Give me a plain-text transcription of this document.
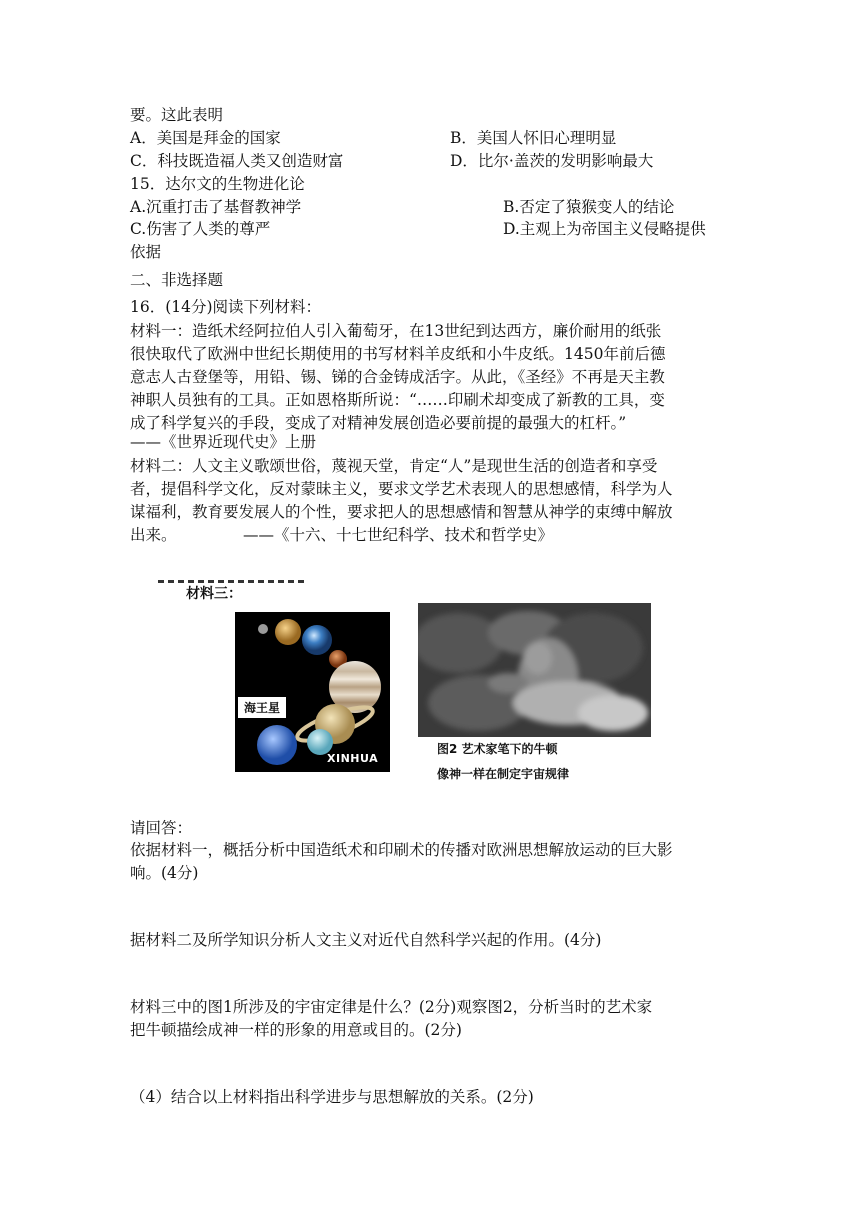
要。这此表明
A．美国是拜金的国家	B．美国人怀旧心理明显
C．科技既造福人类又创造财富	D．比尔·盖茨的发明影响最大
15．达尔文的生物进化论
A.沉重打击了基督教神学	B.否定了猿猴变人的结论
C.伤害了人类的尊严	D.主观上为帝国主义侵略提供
依据
二、非选择题
16．(14分)阅读下列材料：
材料一：造纸术经阿拉伯人引入葡萄牙，在13世纪到达西方，廉价耐用的纸张
很快取代了欧洲中世纪长期使用的书写材料羊皮纸和小牛皮纸。1450年前后德
意志人古登堡等，用铅、锡、锑的合金铸成活字。从此，《圣经》不再是天主教
神职人员独有的工具。正如恩格斯所说：“……印刷术却变成了新教的工具，变
成了科学复兴的手段，变成了对精神发展创造必要前提的最强大的杠杆。”
——《世界近现代史》上册
材料二：人文主义歌颂世俗，蔑视天堂，肯定“人”是现世生活的创造者和享受
者，提倡科学文化，反对蒙昧主义，要求文学艺术表现人的思想感情，科学为人
谋福利，教育要发展人的个性，要求把人的思想感情和智慧从神学的束缚中解放
出来。	——《十六、十七世纪科学、技术和哲学史》
材料三：
海王星
XINHUA
图2 艺术家笔下的牛顿
像神一样在制定宇宙规律
请回答：
依据材料一，概括分析中国造纸术和印刷术的传播对欧洲思想解放运动的巨大影
响。(4分)
据材料二及所学知识分析人文主义对近代自然科学兴起的作用。(4分)
材料三中的图1所涉及的宇宙定律是什么？(2分)观察图2，分析当时的艺术家
把牛顿描绘成神一样的形象的用意或目的。(2分)
（4）结合以上材料指出科学进步与思想解放的关系。(2分)
